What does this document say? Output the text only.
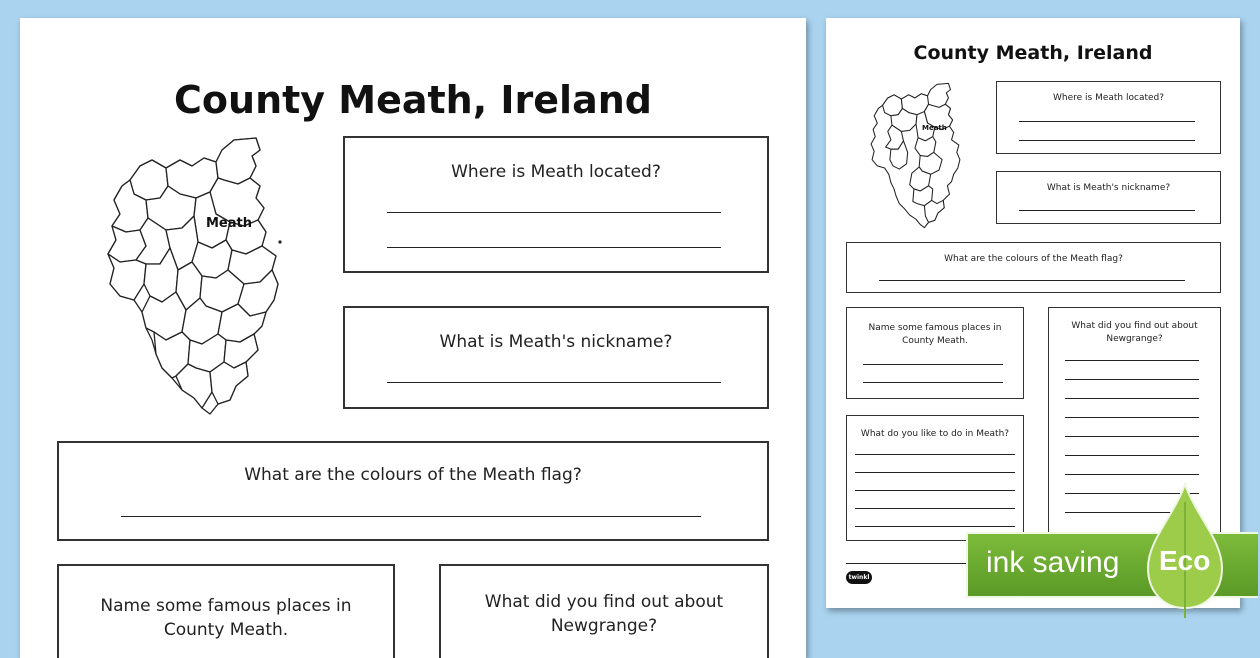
County Meath, Ireland
Meath
Where is Meath located?
What is Meath's nickname?
What are the colours of the Meath flag?
Name some famous places in
County Meath.
What did you find out about
Newgrange?
County Meath, Ireland
Meath
Where is Meath located?
What is Meath's nickname?
What are the colours of the Meath flag?
Name some famous places in
County Meath.
What did you find out about
Newgrange?
What do you like to do in Meath?
twinkl	ink saving Eco
